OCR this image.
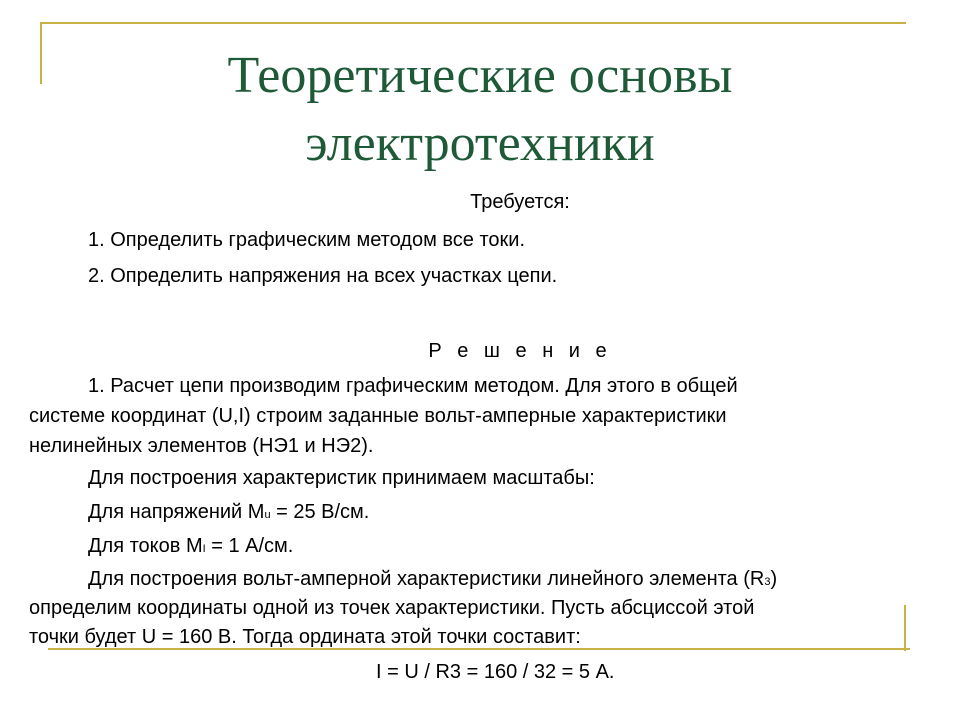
Теоретические основы
электротехники
Требуется:
1. Определить графическим методом все токи.
2. Определить напряжения на всех участках цепи.
Р е ш е н и е
1. Расчет цепи производим графическим методом. Для этого в общей
системе координат (U,I) строим заданные вольт-амперные характеристики
нелинейных элементов (НЭ1 и НЭ2).
Для построения характеристик принимаем масштабы:
Для напряжений Mu = 25 В/см.
Для токов MI = 1 А/см.
Для построения вольт-амперной характеристики линейного элемента (R3)
определим координаты одной из точек характеристики. Пусть абсциссой этой
точки будет U = 160 В. Тогда ордината этой точки составит:
I = U / R3 = 160 / 32 = 5 А.
